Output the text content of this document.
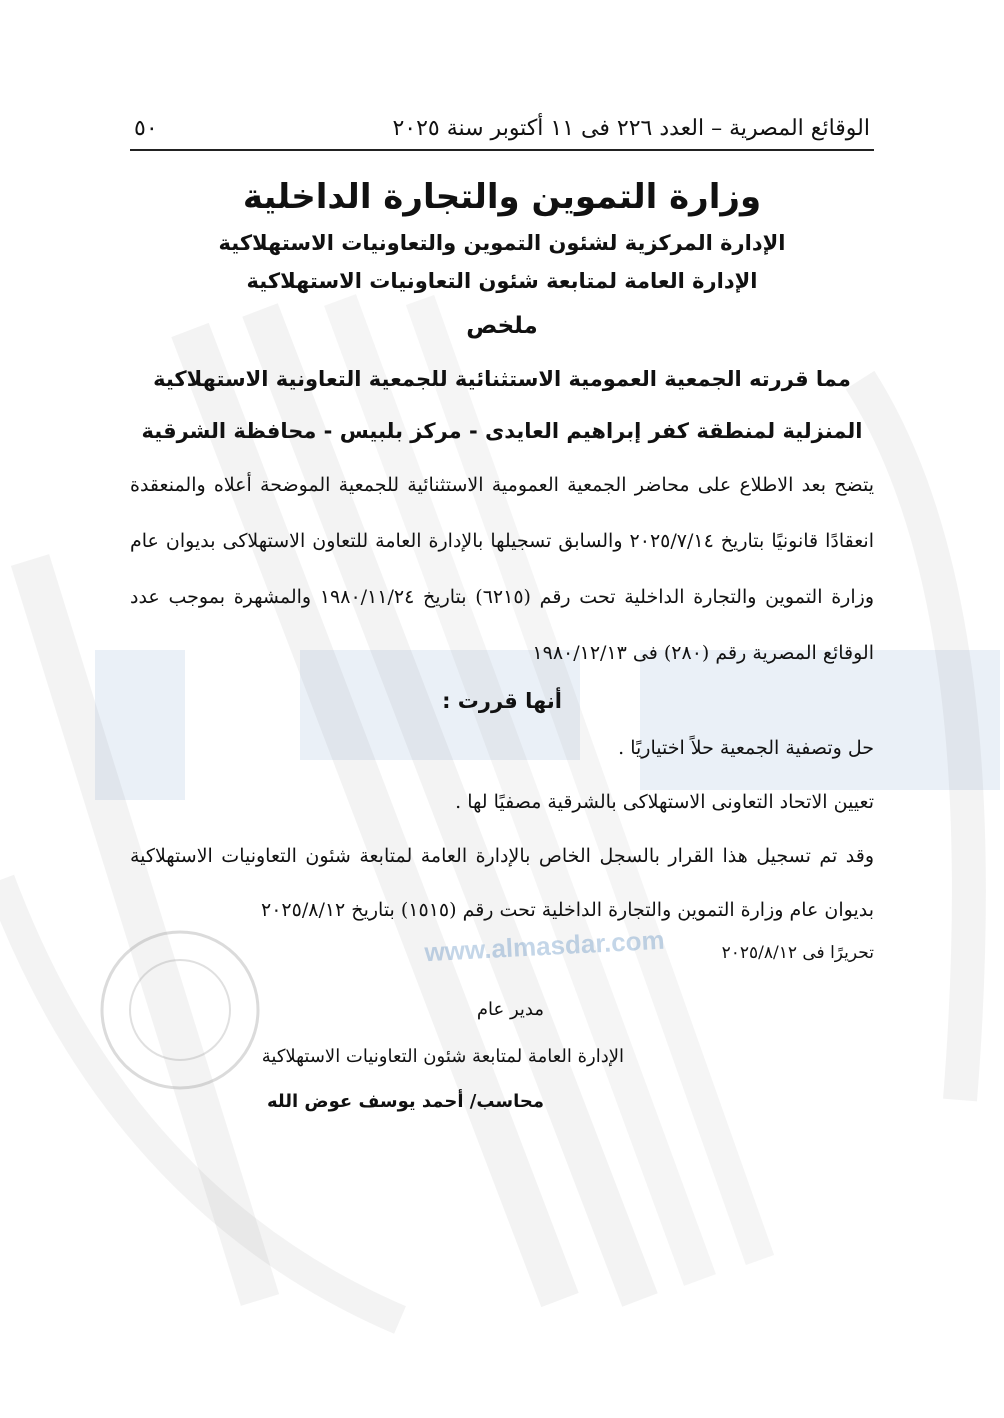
www.almasdar.com
الوقائع المصرية – العدد ٢٢٦ فى ١١ أكتوبر سنة ٢٠٢٥
٥٠
وزارة التموين والتجارة الداخلية
الإدارة المركزية لشئون التموين والتعاونيات الاستهلاكية
الإدارة العامة لمتابعة شئون التعاونيات الاستهلاكية
ملخص
مما قررته الجمعية العمومية الاستثنائية للجمعية التعاونية الاستهلاكية
المنزلية لمنطقة كفر إبراهيم العايدى - مركز بلبيس - محافظة الشرقية

يتضح بعد الاطلاع على محاضر الجمعية العمومية الاستثنائية للجمعية الموضحة أعلاه والمنعقدة انعقادًا قانونيًا بتاريخ ٢٠٢٥/٧/١٤ والسابق تسجيلها بالإدارة العامة للتعاون الاستهلاكى بديوان عام وزارة التموين والتجارة الداخلية تحت رقم (٦٢١٥) بتاريخ ١٩٨٠/١١/٢٤ والمشهرة بموجب عدد الوقائع المصرية رقم (٢٨٠) فى ١٩٨٠/١٢/١٣

أنها قررت :

حل وتصفية الجمعية حلاً اختياريًا .

تعيين الاتحاد التعاونى الاستهلاكى بالشرقية مصفيًا لها .

وقد تم تسجيل هذا القرار بالسجل الخاص بالإدارة العامة لمتابعة شئون التعاونيات الاستهلاكية بديوان عام وزارة التموين والتجارة الداخلية تحت رقم (١٥١٥) بتاريخ ٢٠٢٥/٨/١٢

تحريرًا فى ٢٠٢٥/٨/١٢
مدير عام
الإدارة العامة لمتابعة شئون التعاونيات الاستهلاكية
محاسب/ أحمد يوسف عوض الله
